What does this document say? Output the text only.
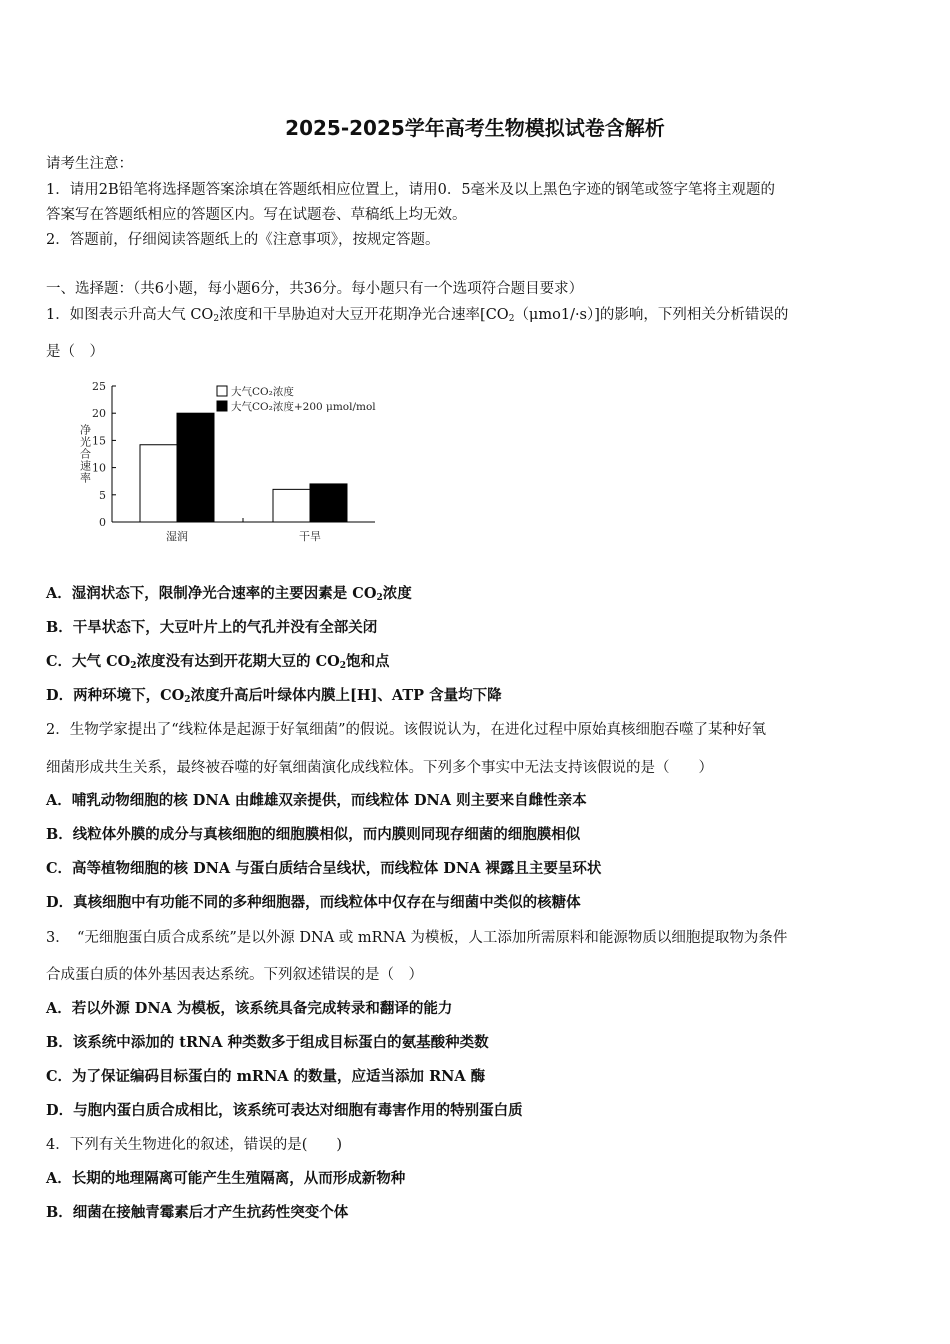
2025-2025学年高考生物模拟试卷含解析
请考生注意：
1．请用2B铅笔将选择题答案涂填在答题纸相应位置上，请用0．5毫米及以上黑色字迹的钢笔或签字笔将主观题的
答案写在答题纸相应的答题区内。写在试题卷、草稿纸上均无效。
2．答题前，仔细阅读答题纸上的《注意事项》，按规定答题。
一、选择题：（共6小题，每小题6分，共36分。每小题只有一个选项符合题目要求）
1．如图表示升高大气 $CO_2$浓度和干旱胁迫对大豆开花期净光合速率$[CO_2(\mu mo1/\cdot s)]$的影响，下列相关分析错误的
是（　）
0
5
10
15
20
25
净光合速率
湿润	干旱
大气CO₂浓度
大气CO₂浓度+200 μmol/mol
A．湿润状态下，限制净光合速率的主要因素是 $CO_2$浓度
B．干旱状态下，大豆叶片上的气孔并没有全部关闭
C．大气 $CO_2$浓度没有达到开花期大豆的 $CO_2$饱和点
D．两种环境下，$CO_2$浓度升高后叶绿体内膜上[H]、ATP 含量均下降
2．生物学家提出了“线粒体是起源于好氧细菌”的假说。该假说认为，在进化过程中原始真核细胞吞噬了某种好氧
细菌形成共生关系，最终被吞噬的好氧细菌演化成线粒体。下列多个事实中无法支持该假说的是（　　）
A．哺乳动物细胞的核 DNA 由雌雄双亲提供，而线粒体 DNA 则主要来自雌性亲本
B．线粒体外膜的成分与真核细胞的细胞膜相似，而内膜则同现存细菌的细胞膜相似
C．高等植物细胞的核 DNA 与蛋白质结合呈线状，而线粒体 DNA 裸露且主要呈环状
D．真核细胞中有功能不同的多种细胞器，而线粒体中仅存在与细菌中类似的核糖体
3．　“无细胞蛋白质合成系统”是以外源 DNA 或 mRNA 为模板，人工添加所需原料和能源物质以细胞提取物为条件
合成蛋白质的体外基因表达系统。下列叙述错误的是（　）
A．若以外源 DNA 为模板，该系统具备完成转录和翻译的能力
B．该系统中添加的 tRNA 种类数多于组成目标蛋白的氨基酸种类数
C．为了保证编码目标蛋白的 mRNA 的数量，应适当添加 RNA 酶
D．与胞内蛋白质合成相比，该系统可表达对细胞有毒害作用的特别蛋白质
4．下列有关生物进化的叙述，错误的是(　　)
A．长期的地理隔离可能产生生殖隔离，从而形成新物种
B．细菌在接触青霉素后才产生抗药性突变个体
